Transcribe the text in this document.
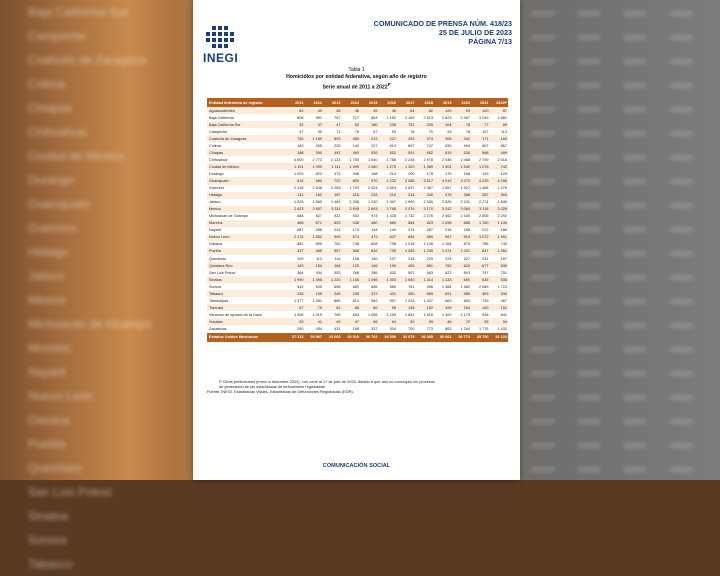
Baja California Sur
Campeche
Coahuila de Zaragoza
Colima
Chiapas
Chihuahua
Ciudad de México
Durango
Guanajuato
Guerrero
Hidalgo
Jalisco
México
Michoacán de Ocampo
Morelos
Nayarit
Nuevo León
Oaxaca
Puebla
Querétaro
San Luis Potosí
Sinaloa
Sonora
Tabasco
INEGI
COMUNICADO DE PRENSA NÚM. 418/23
25 DE JULIO DE 2023
PÁGINA 7/13
Tabla 1
Homicidios por entidad federativa, según año de registro
Serie anual de 2011 a $2022^P$
Entidad federativa de registro	2011	2012	2013	2014	2015	2016	2017	2018	2019	2020	2021	2022P
Aguascalientes	82	40	45	46	45	46	64	82	120	93	100	87
Baja California	808	591	767	717	854	1 152	2 169	2 913	2 823	2 967	3 249	2 881
Baja California Sur	42	37	47	82	180	238	751	200	104	78	77	89
Campeche	47	90	71	78	67	93	78	70	93	76	107	113
Coahuila de Zaragoza	730	1 180	893	469	213	227	253	274	306	242	171	169
Colima	163	265	225	140	227	613	807	747	830	694	607	867
Chiapas	188	390	492	460	539	552	591	662	619	536	568	499
Chihuahua	4 500	2 772	2 133	1 755	1 540	1 788	2 248	2 978	2 936	2 488	2 759	2 016
Ciudad de México	1 101	1 090	1 111	1 099	1 080	1 275	1 320	1 489	1 301	1 540	1 078	742
Durango	1 003	822	473	348	198	214	200	178	175	168	143	125
Guanajuato	615	684	702	800	970	1 232	2 085	3 517	4 019	3 370	4 233	4 296
Guerrero	2 418	2 646	2 283	1 729	2 424	2 594	2 637	2 387	1 557	1 527	1 468	1 376
Hidalgo	211	162	187	215	233	219	314	340	476	368	287	300
Jalisco	1 529	1 560	1 481	1 338	1 230	1 307	1 590	2 926	2 526	2 241	2 274	1 845
México	2 623	2 657	3 311	2 908	2 693	2 768	3 076	3 170	3 242	3 080	3 118	3 026
Michoacán de Ocampo	868	827	922	932	974	1 428	1 732	2 076	2 462	2 430	2 806	2 292
Morelos	468	671	629	438	460	669	684	823	1 098	886	1 190	1 149
Nayarit	687	286	224	174	144	149	474	287	218	186	222	186
Nuevo León	2 174	1 852	909	574	473	627	684	880	987	919	1 072	1 991
Oaxaca	882	895	762	748	808	798	1 018	1 128	1 164	875	786	740
Puebla	437	465	557	568	632	735	1 083	1 249	1 374	1 031	847	1 061
Querétaro	109	112	116	106	140	137	218	229	224	227	231	187
Quintana Roo	163	154	164	125	146	193	455	881	782	626	677	835
San Luis Potosí	364	454	353	268	286	332	507	583	622	803	797	751
Sinaloa	1 990	1 396	1 220	1 156	1 098	1 303	1 640	1 314	1 133	690	635	538
Sonora	542	525	658	669	585	580	761	996	1 384	1 582	2 089	1 723
Tabasco	236	195	246	235	372	431	450	569	691	585	453	334
Tamaulipas	1 377	1 561	880	813	682	907	1 204	1 437	863	800	739	467
Tlaxcala	87	75	61	88	80	96	126	152	199	154	160	152
Veracruz de Ignacio de la Llave	1 306	1 019	765	863	1 006	1 293	1 851	1 516	1 400	1 170	948	841
Yucatán	53	41	49	47	56	64	52	59	46	72	55	54
Zacatecas	290	454	431	169	337	504	700	773	863	1 244	1 776	1 432
Estados Unidos Mexicanos	27 213	25 967	23 063	20 010	20 762	24 559	32 079	36 685	36 661	36 773	35 700	32 223

P Cifras preliminares (enero a diciembre 2022), con corte al 17 de julio de 2023, debido a que aún no concluyen los procesos

de generación de las estadísticas de defunciones registradas.

Fuente: INEGI. Estadísticas Vitales. Estadísticas de Defunciones Registradas (EDR).

COMUNICACIÓN SOCIAL
